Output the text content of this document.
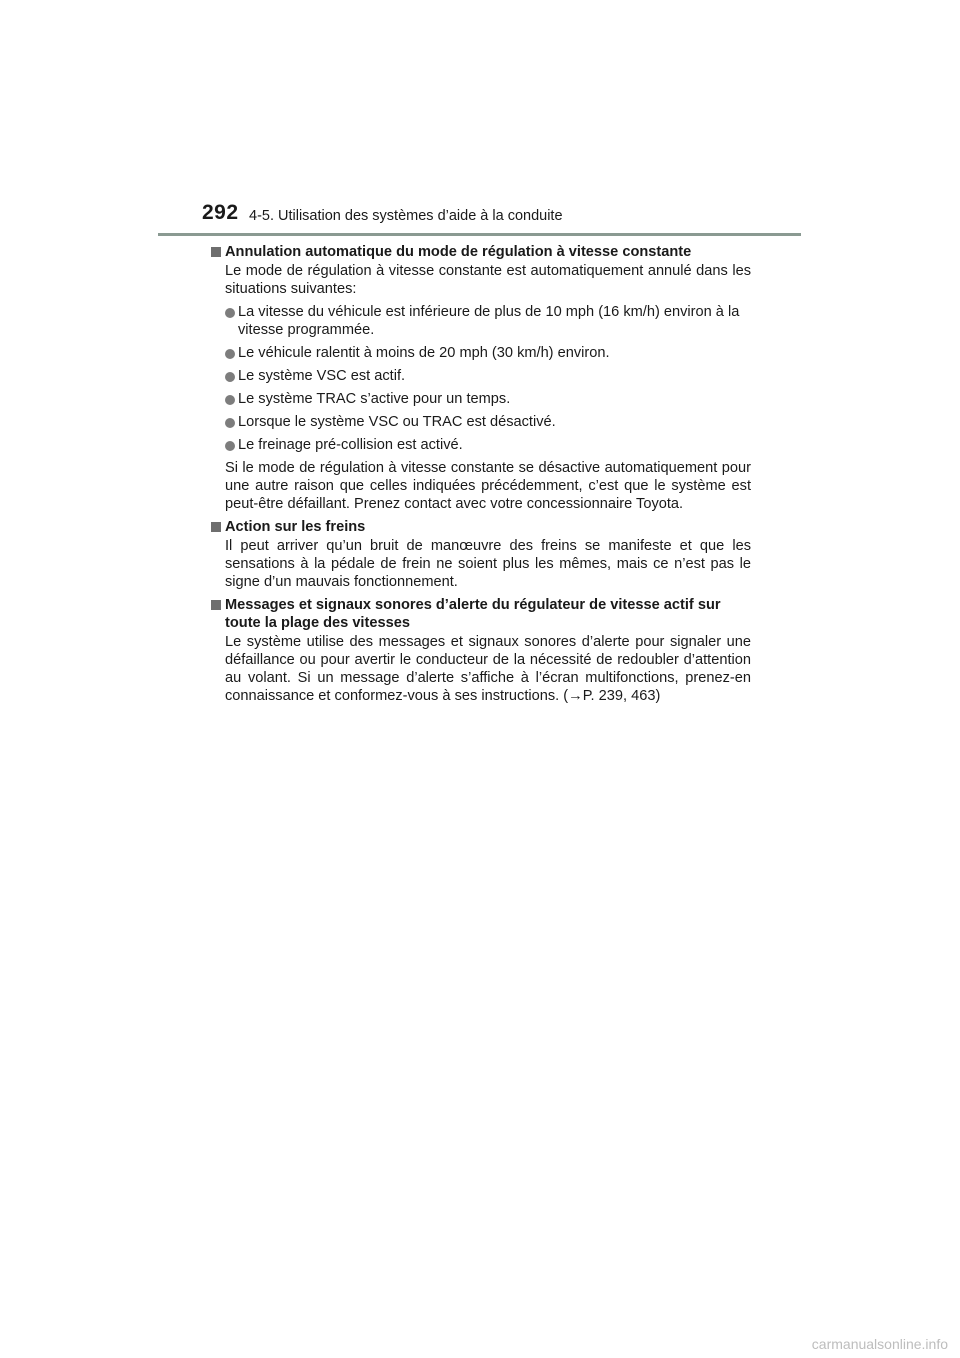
292 4-5. Utilisation des systèmes d’aide à la conduite
Annulation automatique du mode de régulation à vitesse constante
Le mode de régulation à vitesse constante est automatiquement annulé dans les situations suivantes:
La vitesse du véhicule est inférieure de plus de 10 mph (16 km/h) environ à la vitesse programmée.
Le véhicule ralentit à moins de 20 mph (30 km/h) environ.
Le système VSC est actif.
Le système TRAC s’active pour un temps.
Lorsque le système VSC ou TRAC est désactivé.
Le freinage pré-collision est activé.
Si le mode de régulation à vitesse constante se désactive automatiquement pour une autre raison que celles indiquées précédemment, c’est que le système est peut-être défaillant. Prenez contact avec votre concessionnaire Toyota.
Action sur les freins
Il peut arriver qu’un bruit de manœuvre des freins se manifeste et que les sensations à la pédale de frein ne soient plus les mêmes, mais ce n’est pas le signe d’un mauvais fonctionnement.
Messages et signaux sonores d’alerte du régulateur de vitesse actif sur toute la plage des vitesses
Le système utilise des messages et signaux sonores d’alerte pour signaler une défaillance ou pour avertir le conducteur de la nécessité de redoubler d’attention au volant. Si un message d’alerte s’affiche à l’écran multifonctions, prenez-en connaissance et conformez-vous à ses instructions. (→P. 239, 463)
carmanualsonline.info
